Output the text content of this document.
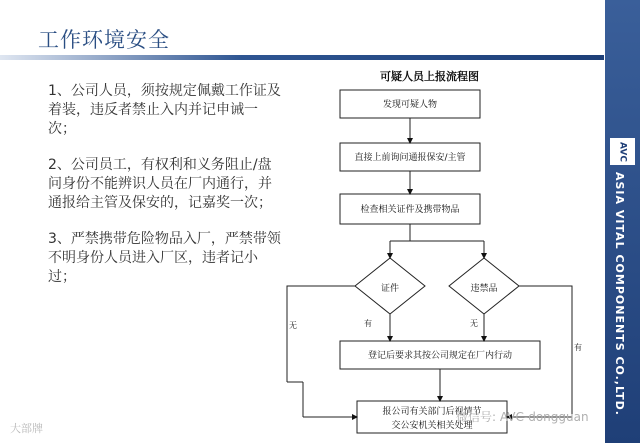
工作环境安全

1、公司人员，须按规定佩戴工作证及着装，违反者禁止入内并记申诫一次；

2、公司员工，有权利和义务阻止/盘问身份不能辨识人员在厂内通行，并通报给主管及保安的，记嘉奖一次；

3、严禁携带危险物品入厂，严禁带领不明身份人员进入厂区，违者记小过；

可疑人员上报流程图
发现可疑人物
直接上前询问通报保安/主管
检查相关证件及携带物品
证件	违禁品
登记后要求其按公司规定在厂内行动
报公司有关部门后视情节
交公安机关相关处理
无	有	无
有
AVC
ASIA VITAL COMPONENTS CO.,LTD.
大部牌
微信号: AVC-dongguan
